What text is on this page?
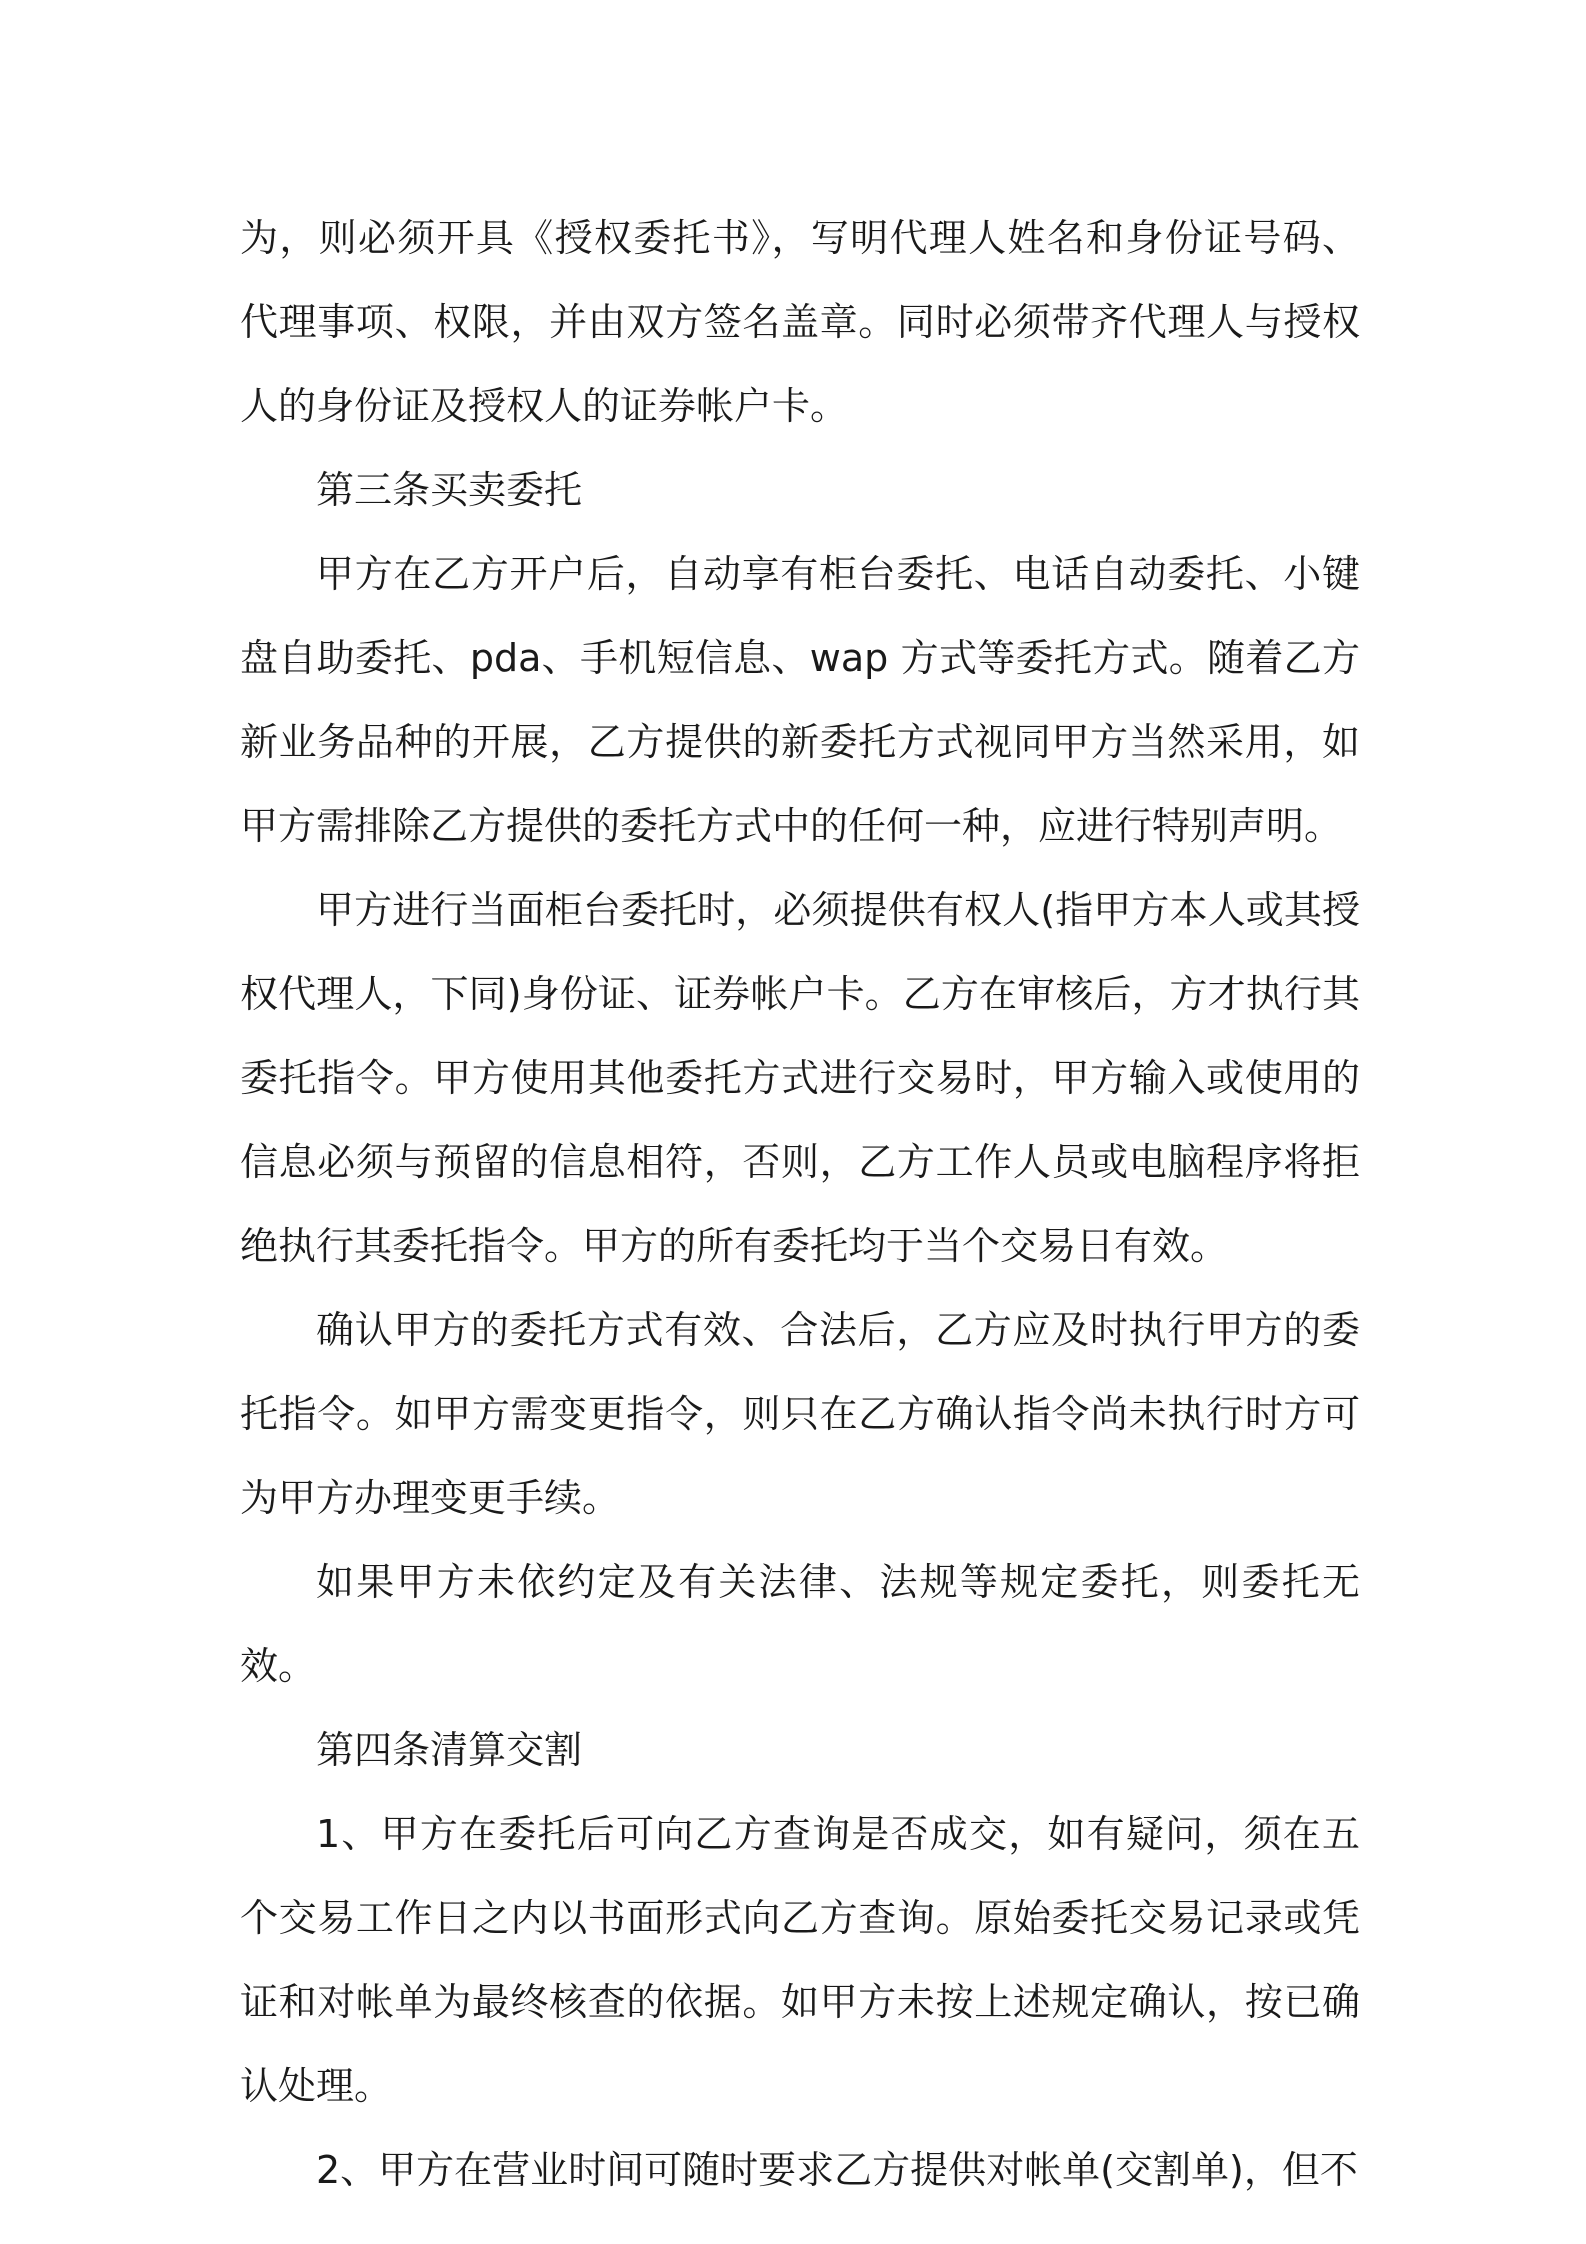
为，则必须开具《授权委托书》，写明代理人姓名和身份证号码、代理事项、权限，并由双方签名盖章。同时必须带齐代理人与授权人的身份证及授权人的证券帐户卡。

第三条买卖委托

甲方在乙方开户后，自动享有柜台委托、电话自动委托、小键盘自助委托、pda、手机短信息、wap 方式等委托方式。随着乙方新业务品种的开展，乙方提供的新委托方式视同甲方当然采用，如甲方需排除乙方提供的委托方式中的任何一种，应进行特别声明。

甲方进行当面柜台委托时，必须提供有权人(指甲方本人或其授权代理人，下同)身份证、证券帐户卡。乙方在审核后，方才执行其委托指令。甲方使用其他委托方式进行交易时，甲方输入或使用的信息必须与预留的信息相符，否则，乙方工作人员或电脑程序将拒绝执行其委托指令。甲方的所有委托均于当个交易日有效。

确认甲方的委托方式有效、合法后，乙方应及时执行甲方的委托指令。如甲方需变更指令，则只在乙方确认指令尚未执行时方可为甲方办理变更手续。

如果甲方未依约定及有关法律、法规等规定委托，则委托无效。

第四条清算交割

1、甲方在委托后可向乙方查询是否成交，如有疑问，须在五个交易工作日之内以书面形式向乙方查询。原始委托交易记录或凭证和对帐单为最终核查的依据。如甲方未按上述规定确认，按已确认处理。

2、甲方在营业时间可随时要求乙方提供对帐单(交割单)，但不
